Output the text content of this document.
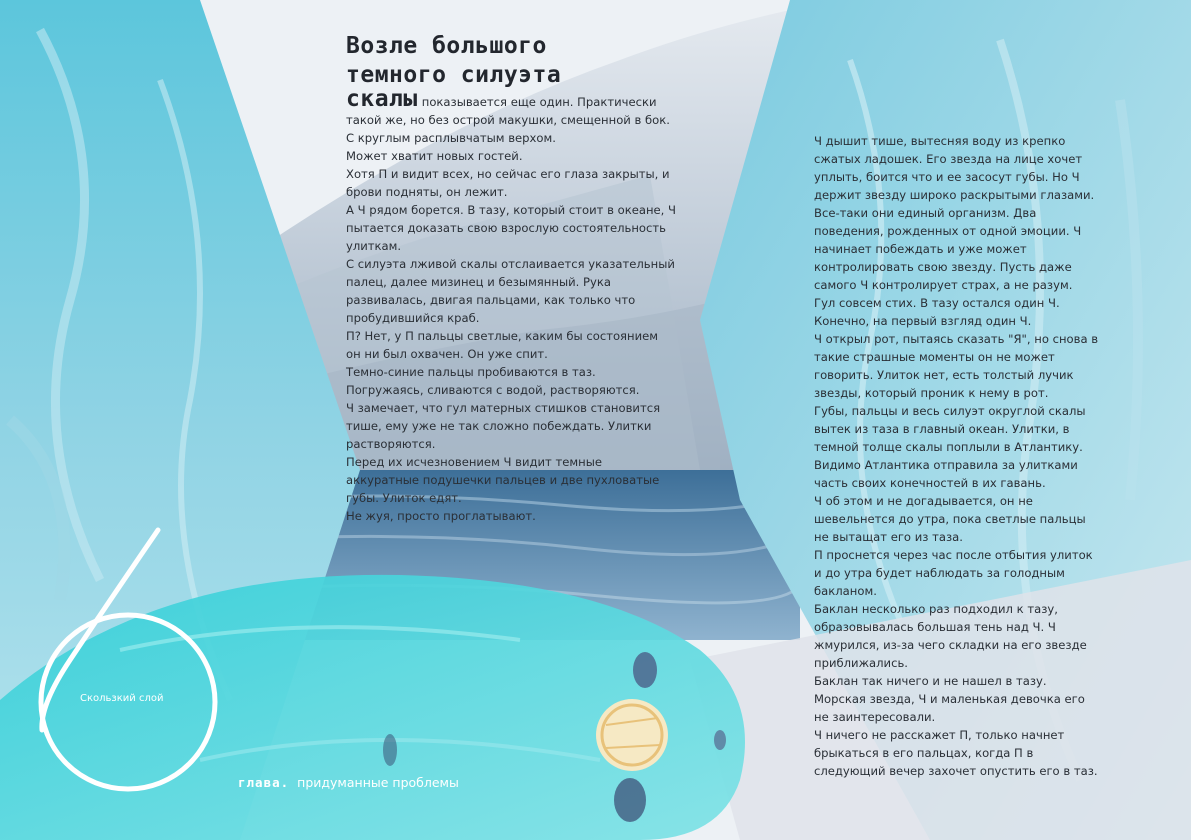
Скользкий слой
Возле большого
темного силуэта

скалы показывается еще один. Практически такой же, но без острой макушки, смещенной в бок. С круглым расплывчатым верхом.

Может хватит новых гостей.

Хотя П и видит всех, но сейчас его глаза закрыты, и брови подняты, он лежит.

А Ч рядом борется. В тазу, который стоит в океане, Ч пытается доказать свою взрослую состоятельность улиткам.

С силуэта лживой скалы отслаивается указательный палец, далее мизинец и безымянный. Рука развивалась, двигая пальцами, как только что пробудившийся краб.

П? Нет, у П пальцы светлые, каким бы состоянием он ни был охвачен. Он уже спит.

Темно-синие пальцы пробиваются в таз. Погружаясь, сливаются с водой, растворяются.

Ч замечает, что гул матерных стишков становится тише, ему уже не так сложно побеждать. Улитки растворяются.

Перед их исчезновением Ч видит темные аккуратные подушечки пальцев и две пухловатые губы. Улиток едят.

Не жуя, просто проглатывают.

Ч дышит тише, вытесняя воду из крепко сжатых ладошек. Его звезда на лице хочет уплыть, боится что и ее засосут губы. Но Ч держит звезду широко раскрытыми глазами. Все-таки они единый организм. Два поведения, рожденных от одной эмоции. Ч начинает побеждать и уже может контролировать свою звезду. Пусть даже самого Ч контролирует страх, а не разум.

Гул совсем стих. В тазу остался один Ч. Конечно, на первый взгляд один Ч.

Ч открыл рот, пытаясь сказать "Я", но снова в такие страшные моменты он не может говорить. Улиток нет, есть толстый лучик звезды, который проник к нему в рот.

Губы, пальцы и весь силуэт округлой скалы вытек из таза в главный океан. Улитки, в темной толще скалы поплыли в Атлантику. Видимо Атлантика отправила за улитками часть своих конечностей в их гавань.

Ч об этом и не догадывается, он не шевельнется до утра, пока светлые пальцы не вытащат его из таза.

П проснется через час после отбытия улиток и до утра будет наблюдать за голодным бакланом.

Баклан несколько раз подходил к тазу, образовывалась большая тень над Ч. Ч жмурился, из-за чего складки на его звезде приближались.

Баклан так ничего и не нашел в тазу. Морская звезда, Ч и маленькая девочка его не заинтересовали.

Ч ничего не расскажет П, только начнет брыкаться в его пальцах, когда П в следующий вечер захочет опустить его в таз.

глава. придуманные проблемы
